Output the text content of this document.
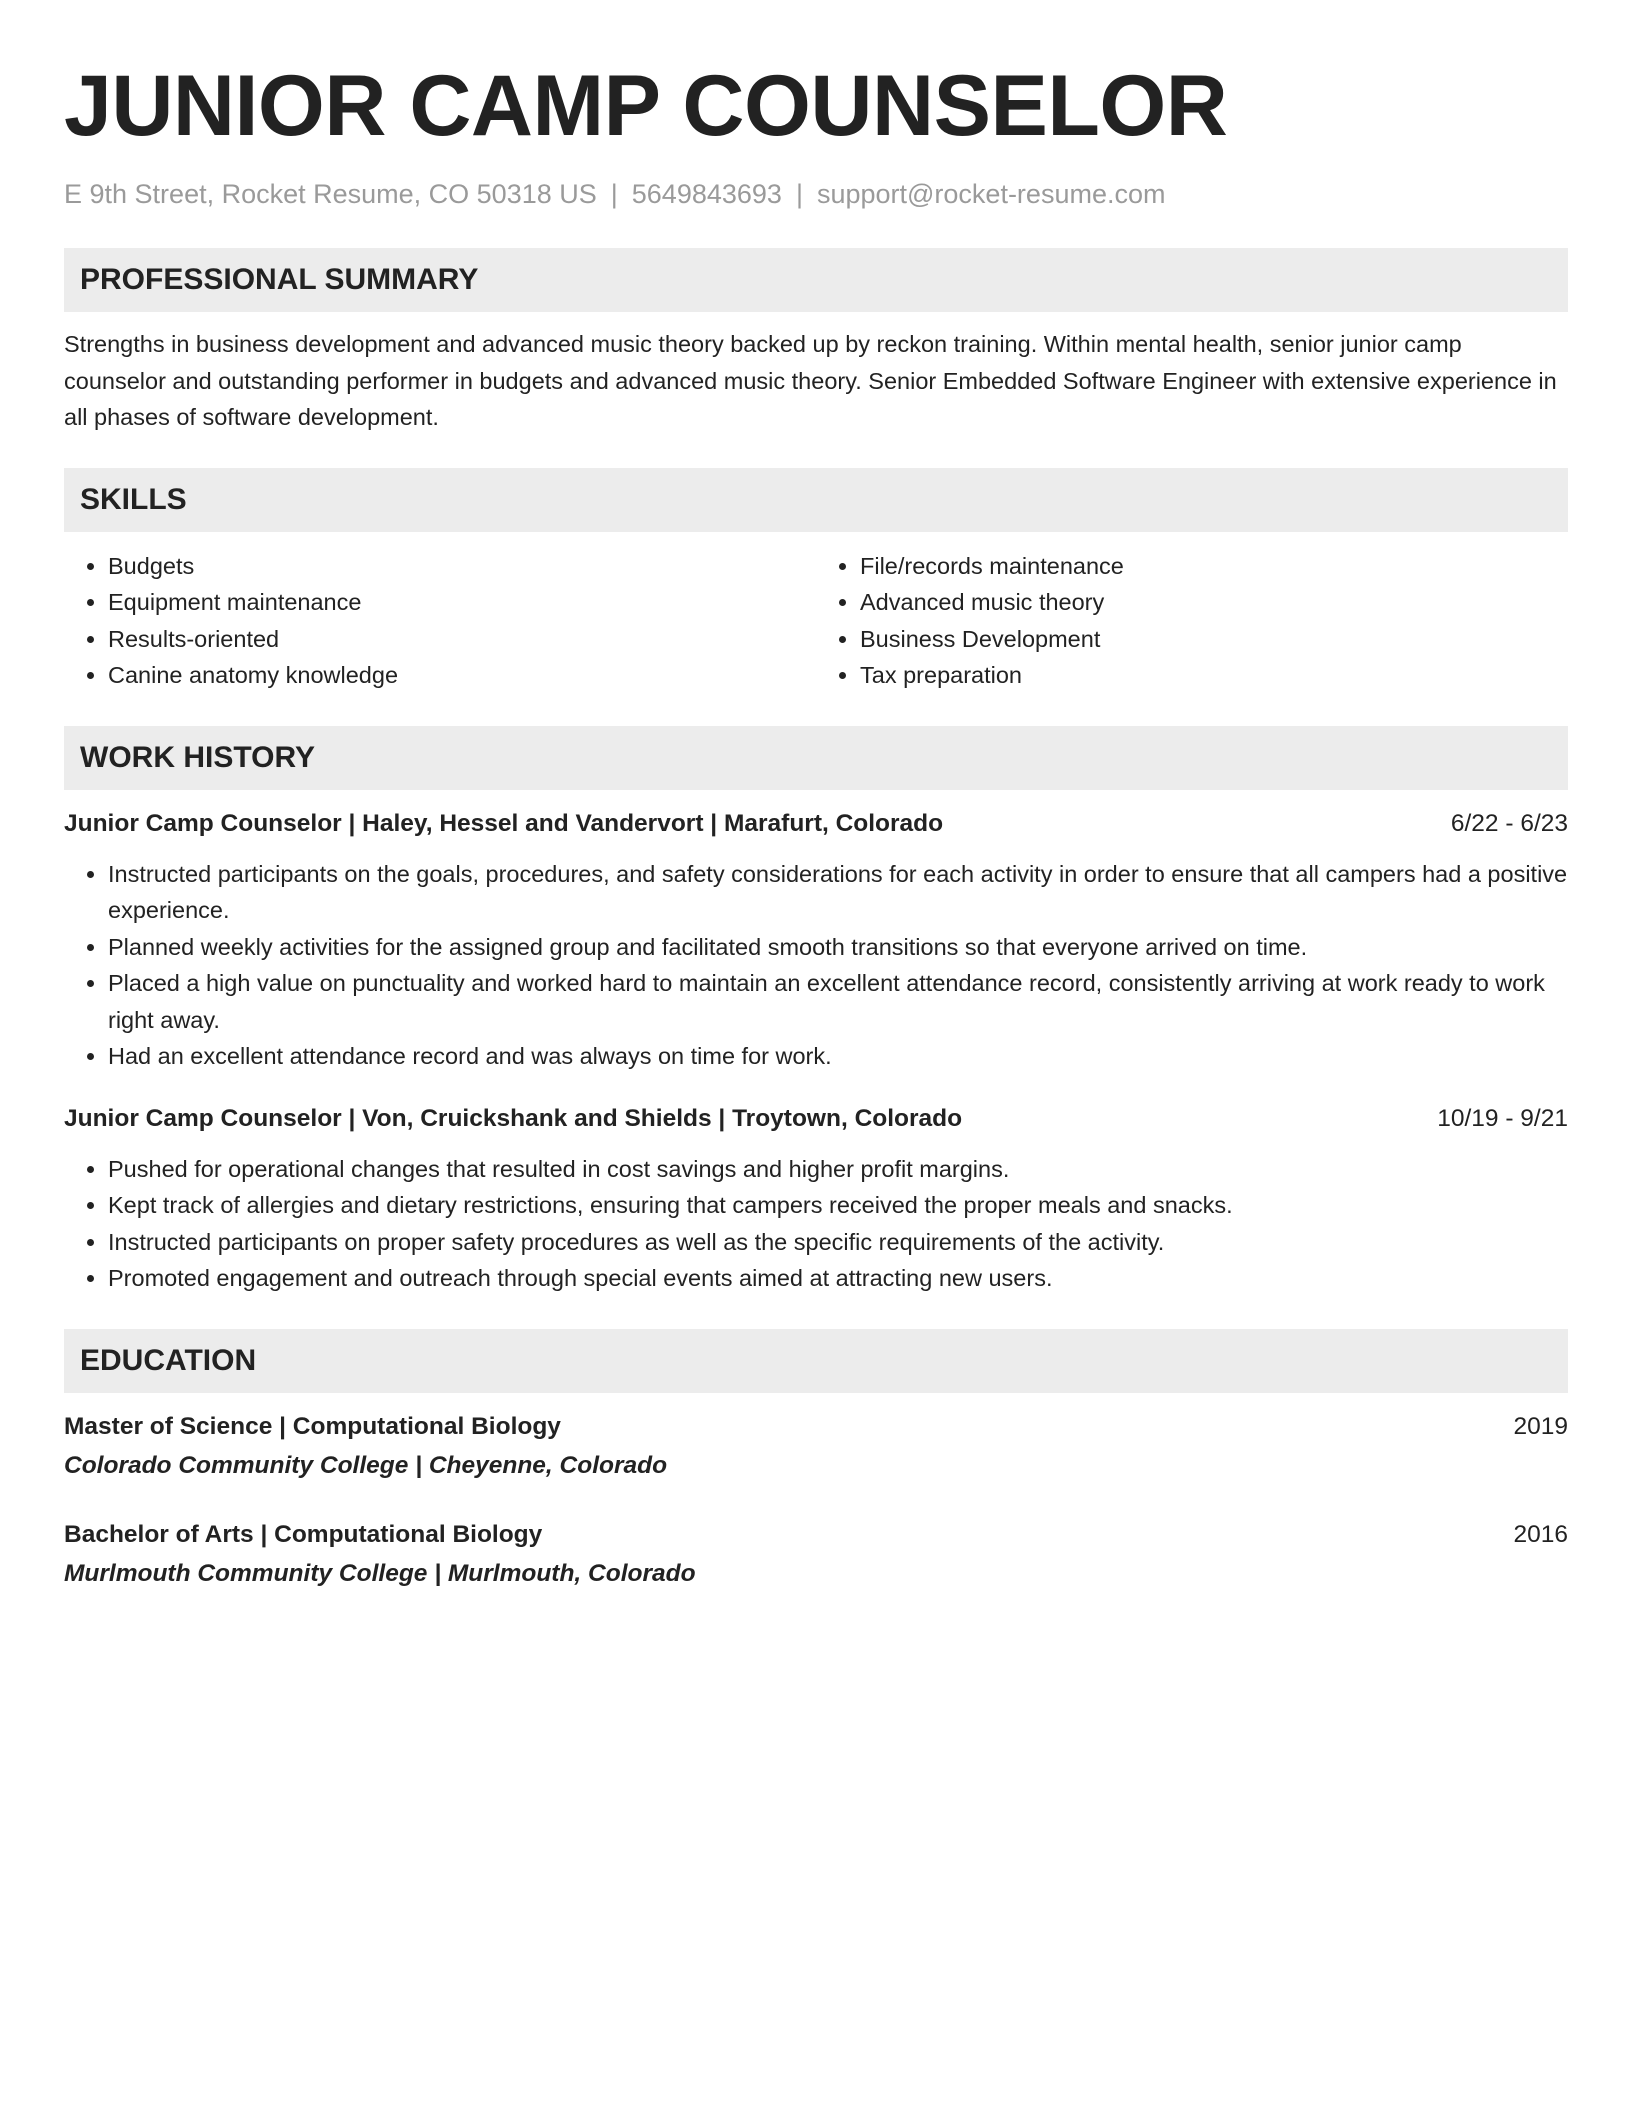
JUNIOR CAMP COUNSELOR
E 9th Street, Rocket Resume, CO 50318 US | 5649843693 | support@rocket-resume.com
PROFESSIONAL SUMMARY

Strengths in business development and advanced music theory backed up by reckon training. Within mental health, senior junior camp counselor and outstanding performer in budgets and advanced music theory. Senior Embedded Software Engineer with extensive experience in all phases of software development.

SKILLS
• Budgets
• Equipment maintenance
• Results-oriented
• Canine anatomy knowledge
• File/records maintenance
• Advanced music theory
• Business Development
• Tax preparation
WORK HISTORY
Junior Camp Counselor | Haley, Hessel and Vandervort | Marafurt, Colorado	6/22 - 6/23
• Instructed participants on the goals, procedures, and safety considerations for each activity in order to ensure that all campers had a positive experience.
• Planned weekly activities for the assigned group and facilitated smooth transitions so that everyone arrived on time.
• Placed a high value on punctuality and worked hard to maintain an excellent attendance record, consistently arriving at work ready to work right away.
• Had an excellent attendance record and was always on time for work.
Junior Camp Counselor | Von, Cruickshank and Shields | Troytown, Colorado	10/19 - 9/21
• Pushed for operational changes that resulted in cost savings and higher profit margins.
• Kept track of allergies and dietary restrictions, ensuring that campers received the proper meals and snacks.
• Instructed participants on proper safety procedures as well as the specific requirements of the activity.
• Promoted engagement and outreach through special events aimed at attracting new users.
EDUCATION
Master of Science | Computational Biology	2019
Colorado Community College | Cheyenne, Colorado
Bachelor of Arts | Computational Biology	2016
Murlmouth Community College | Murlmouth, Colorado
